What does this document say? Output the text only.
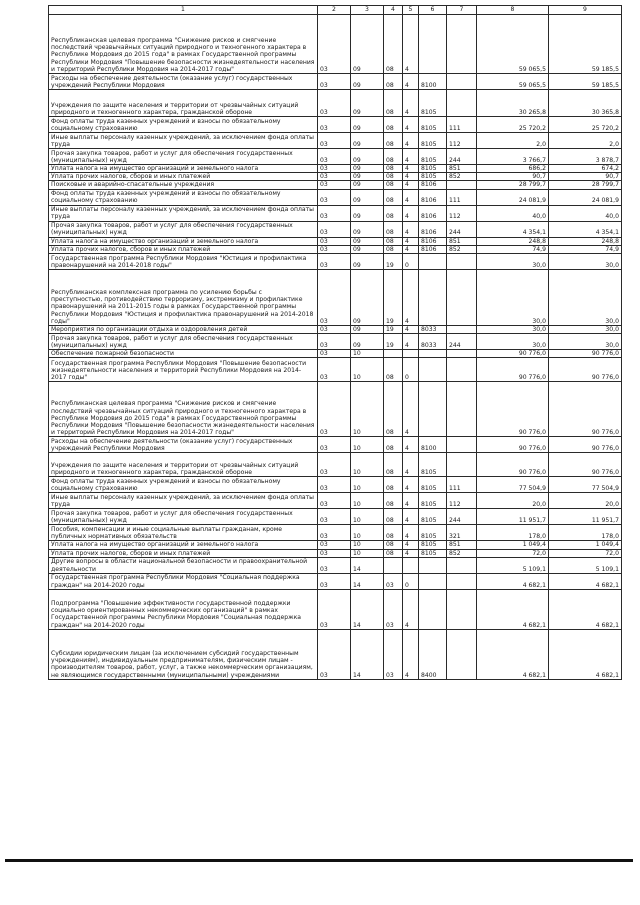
1	2	3	4	5	6	7	8	9
Республиканская целевая программа "Снижение рисков и смягчение последствий чрезвычайных ситуаций природного и техногенного характера в Республике Мордовия до 2015 года" в рамках Государственной программы Республики Мордовия "Повышение безопасности жизнедеятельности населения и территорий Республики Мордовия на 2014-2017 годы"	03	09	08	4			59 065,5	59 185,5
Расходы на обеспечение деятельности (оказание услуг) государственных учреждений Республики Мордовия	03	09	08	4	8100		59 065,5	59 185,5
Учреждения по защите населения и территории от чрезвычайных ситуаций природного и техногенного характера, гражданской обороне	03	09	08	4	8105		30 265,8	30 365,8
Фонд оплаты труда казенных учреждений и взносы по обязательному социальному страхованию	03	09	08	4	8105	111	25 720,2	25 720,2
Иные выплаты персоналу казенных учреждений, за исключением фонда оплаты труда	03	09	08	4	8105	112	2,0	2,0
Прочая закупка товаров, работ и услуг для обеспечения государственных (муниципальных) нужд	03	09	08	4	8105	244	3 766,7	3 878,7
Уплата налога на имущество организаций и земельного налога	03	09	08	4	8105	851	686,2	674,2
Уплата прочих налогов, сборов и иных платежей	03	09	08	4	8105	852	90,7	90,7
Поисковые и аварийно-спасательные учреждения	03	09	08	4	8106		28 799,7	28 799,7
Фонд оплаты труда казенных учреждений и взносы по обязательному социальному страхованию	03	09	08	4	8106	111	24 081,9	24 081,9
Иные выплаты персоналу казенных учреждений, за исключением фонда оплаты труда	03	09	08	4	8106	112	40,0	40,0
Прочая закупка товаров, работ и услуг для обеспечения государственных (муниципальных) нужд	03	09	08	4	8106	244	4 354,1	4 354,1
Уплата налога на имущество организаций и земельного налога	03	09	08	4	8106	851	248,8	248,8
Уплата прочих налогов, сборов и иных платежей	03	09	08	4	8106	852	74,9	74,9
Государственная программа Республики Мордовия "Юстиция и профилактика правонарушений на 2014-2018 годы"	03	09	19	0			30,0	30,0
Республиканская комплексная программа по усилению борьбы с преступностью, противодействию терроризму, экстремизму и профилактике правонарушений на 2011-2015 годы в рамках Государственной программы Республики Мордовия "Юстиция и профилактика правонарушений на 2014-2018 годы"	03	09	19	4			30,0	30,0
Мероприятия по организации отдыха и оздоровления детей	03	09	19	4	8033		30,0	30,0
Прочая закупка товаров, работ и услуг для обеспечения государственных (муниципальных) нужд	03	09	19	4	8033	244	30,0	30,0
Обеспечение пожарной безопасности	03	10					90 776,0	90 776,0
Государственная программа Республики Мордовия "Повышение безопасности жизнедеятельности населения и территорий Республики Мордовия на 2014-2017 годы"	03	10	08	0			90 776,0	90 776,0
Республиканская целевая программа "Снижение рисков и смягчение последствий чрезвычайных ситуаций природного и техногенного характера в Республике Мордовия до 2015 года" в рамках Государственной программы Республики Мордовия "Повышение безопасности жизнедеятельности населения и территорий Республики Мордовия на 2014-2017 годы"	03	10	08	4			90 776,0	90 776,0
Расходы на обеспечение деятельности (оказание услуг) государственных учреждений Республики Мордовия	03	10	08	4	8100		90 776,0	90 776,0
Учреждения по защите населения и территории от чрезвычайных ситуаций природного и техногенного характера, гражданской обороне	03	10	08	4	8105		90 776,0	90 776,0
Фонд оплаты труда казенных учреждений и взносы по обязательному социальному страхованию	03	10	08	4	8105	111	77 504,9	77 504,9
Иные выплаты персоналу казенных учреждений, за исключением фонда оплаты труда	03	10	08	4	8105	112	20,0	20,0
Прочая закупка товаров, работ и услуг для обеспечения государственных (муниципальных) нужд	03	10	08	4	8105	244	11 951,7	11 951,7
Пособия, компенсации и иные социальные выплаты гражданам, кроме публичных нормативных обязательств	03	10	08	4	8105	321	178,0	178,0
Уплата налога на имущество организаций и земельного налога	03	10	08	4	8105	851	1 049,4	1 049,4
Уплата прочих налогов, сборов и иных платежей	03	10	08	4	8105	852	72,0	72,0
Другие вопросы в области национальной безопасности и правоохранительной деятельности	03	14					5 109,1	5 109,1
Государственная программа Республики Мордовия "Социальная поддержка граждан" на 2014-2020 годы	03	14	03	0			4 682,1	4 682,1
Подпрограмма "Повышение эффективности государственной поддержки социально ориентированных некоммерческих организаций" в рамках Государственной программы Республики Мордовия "Социальная поддержка граждан" на 2014-2020 годы	03	14	03	4			4 682,1	4 682,1
Субсидии юридическим лицам (за исключением субсидий государственным учреждениям), индивидуальным предпринимателям, физическим лицам - производителям товаров, работ, услуг, а также некоммерческим организациям, не являющимся государственными (муниципальными) учреждениями	03	14	03	4	8400		4 682,1	4 682,1
